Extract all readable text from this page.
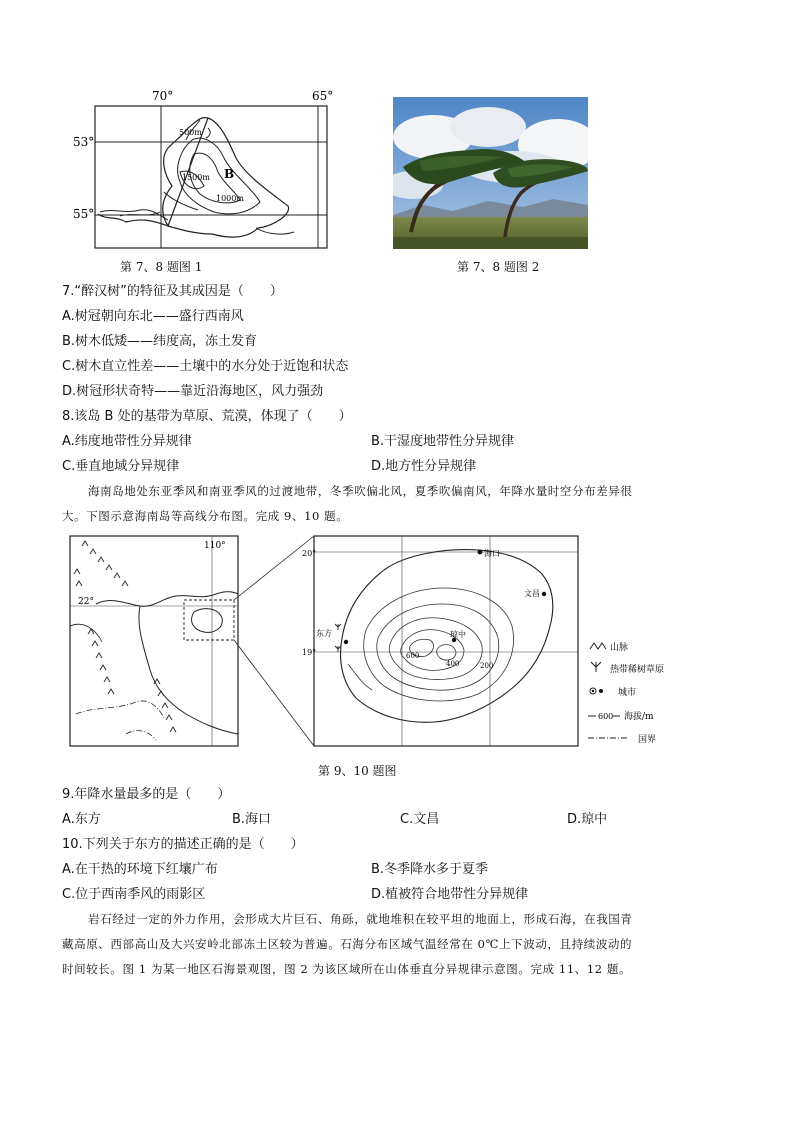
70°	65°
53°
55°
500m
1500m
1000m
B
第 7、8 题图 1	第 7、8 题图 2
7.“醉汉树”的特征及其成因是（　　）
A.树冠朝向东北——盛行西南风
B.树木低矮——纬度高，冻土发育
C.树木直立性差——土壤中的水分处于近饱和状态
D.树冠形状奇特——靠近沿海地区，风力强劲
8.该岛 B 处的基带为草原、荒漠，体现了（　　）
A.纬度地带性分异规律	B.干湿度地带性分异规律
C.垂直地域分异规律	D.地方性分异规律
海南岛地处东亚季风和南亚季风的过渡地带，冬季吹偏北风，夏季吹偏南风，年降水量时空分布差异很
大。下图示意海南岛等高线分布图。完成 9、10 题。
110°
22°
20°
19°
海口
文昌
东方	琼中
600
400	200
山脉
热带稀树草原
城市
600 海拔/m
国界
第 9、10 题图
9.年降水量最多的是（　　）
A.东方	B.海口	C.文昌	D.琼中
10.下列关于东方的描述正确的是（　　）
A.在干热的环境下红壤广布	B.冬季降水多于夏季
C.位于西南季风的雨影区	D.植被符合地带性分异规律
岩石经过一定的外力作用，会形成大片巨石、角砾，就地堆积在较平坦的地面上，形成石海，在我国青
藏高原、西部高山及大兴安岭北部冻土区较为普遍。石海分布区域气温经常在 0℃上下波动，且持续波动的
时间较长。图 1 为某一地区石海景观图，图 2 为该区域所在山体垂直分异规律示意图。完成 11、12 题。
